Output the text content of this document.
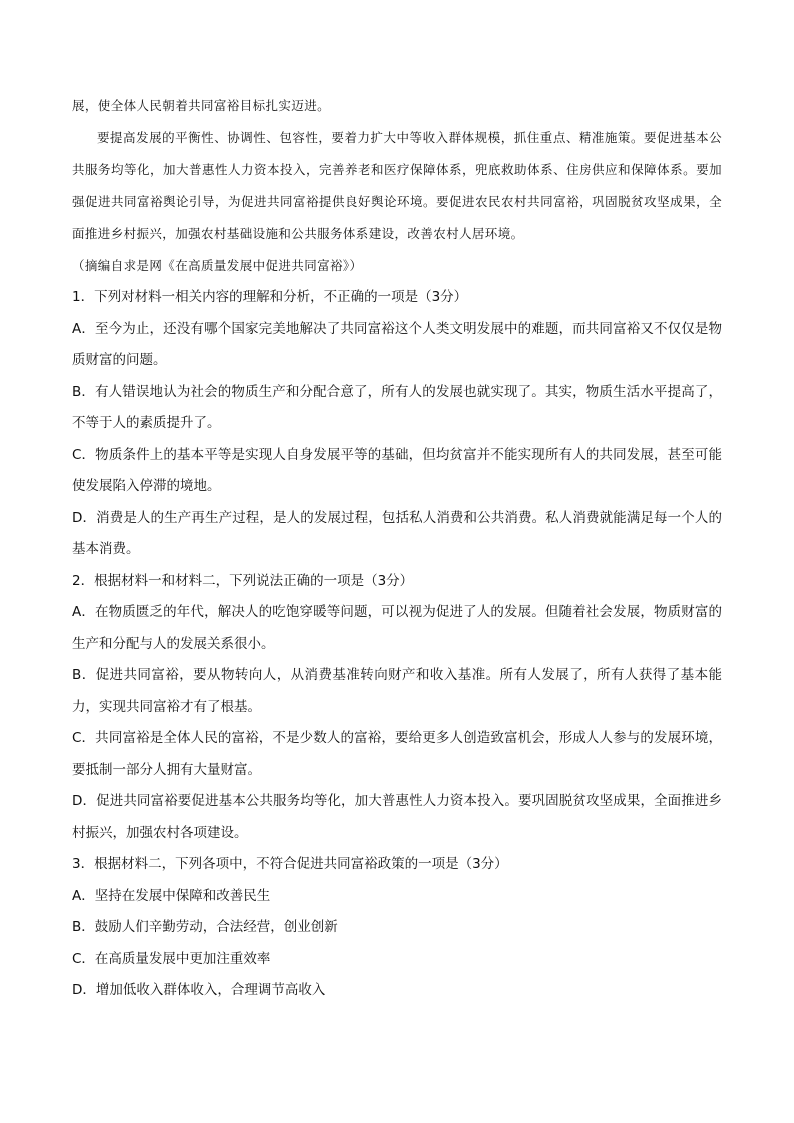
展，使全体人民朝着共同富裕目标扎实迈进。

要提高发展的平衡性、协调性、包容性，要着力扩大中等收入群体规模，抓住重点、精准施策。要促进基本公共服务均等化，加大普惠性人力资本投入，完善养老和医疗保障体系，兜底救助体系、住房供应和保障体系。要加强促进共同富裕舆论引导，为促进共同富裕提供良好舆论环境。要促进农民农村共同富裕，巩固脱贫攻坚成果，全面推进乡村振兴，加强农村基础设施和公共服务体系建设，改善农村人居环境。

（摘编自求是网《在高质量发展中促进共同富裕》）

1．下列对材料一相关内容的理解和分析，不正确的一项是（3分）

A．至今为止，还没有哪个国家完美地解决了共同富裕这个人类文明发展中的难题，而共同富裕又不仅仅是物质财富的问题。

B．有人错误地认为社会的物质生产和分配合意了，所有人的发展也就实现了。其实，物质生活水平提高了，不等于人的素质提升了。

C．物质条件上的基本平等是实现人自身发展平等的基础，但均贫富并不能实现所有人的共同发展，甚至可能使发展陷入停滞的境地。

D．消费是人的生产再生产过程，是人的发展过程，包括私人消费和公共消费。私人消费就能满足每一个人的基本消费。

2．根据材料一和材料二，下列说法正确的一项是（3分）

A．在物质匮乏的年代，解决人的吃饱穿暖等问题，可以视为促进了人的发展。但随着社会发展，物质财富的生产和分配与人的发展关系很小。

B．促进共同富裕，要从物转向人，从消费基准转向财产和收入基准。所有人发展了，所有人获得了基本能力，实现共同富裕才有了根基。

C．共同富裕是全体人民的富裕，不是少数人的富裕，要给更多人创造致富机会，形成人人参与的发展环境，要抵制一部分人拥有大量财富。

D．促进共同富裕要促进基本公共服务均等化，加大普惠性人力资本投入。要巩固脱贫攻坚成果，全面推进乡村振兴，加强农村各项建设。

3．根据材料二，下列各项中，不符合促进共同富裕政策的一项是（3分）

A．坚持在发展中保障和改善民生

B．鼓励人们辛勤劳动，合法经营，创业创新

C．在高质量发展中更加注重效率

D．增加低收入群体收入，合理调节高收入
